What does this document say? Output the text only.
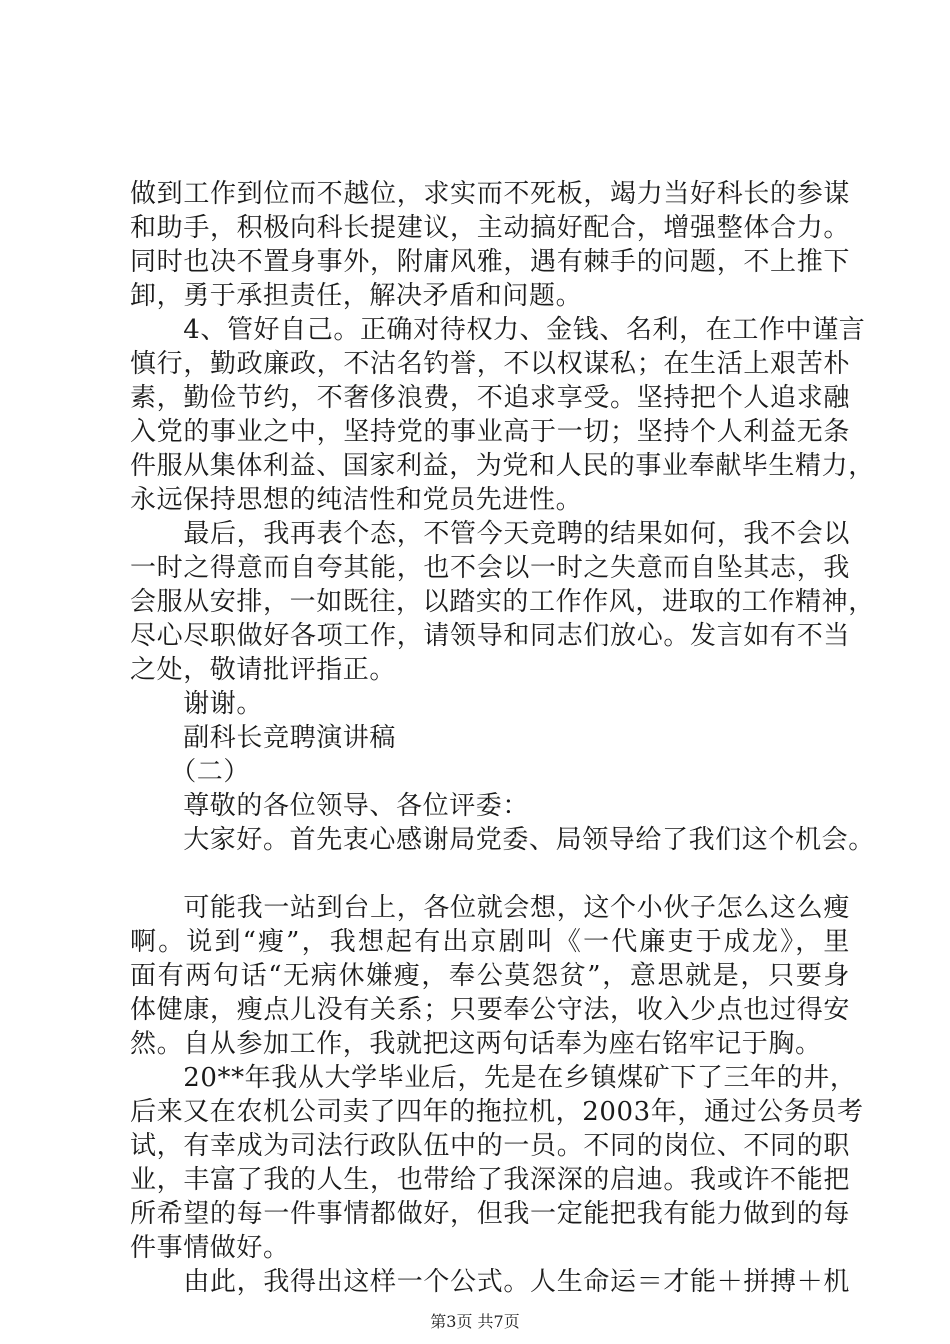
做到工作到位而不越位，求实而不死板，竭力当好科长的参谋
和助手，积极向科长提建议，主动搞好配合，增强整体合力。
同时也决不置身事外，附庸风雅，遇有棘手的问题，不上推下
卸，勇于承担责任，解决矛盾和问题。
　　4、管好自己。正确对待权力、金钱、名利，在工作中谨言
慎行，勤政廉政，不沽名钓誉，不以权谋私；在生活上艰苦朴
素，勤俭节约，不奢侈浪费，不追求享受。坚持把个人追求融
入党的事业之中，坚持党的事业高于一切；坚持个人利益无条
件服从集体利益、国家利益，为党和人民的事业奉献毕生精力，
永远保持思想的纯洁性和党员先进性。
　　最后，我再表个态，不管今天竞聘的结果如何，我不会以
一时之得意而自夸其能，也不会以一时之失意而自坠其志，我
会服从安排，一如既往，以踏实的工作作风，进取的工作精神，
尽心尽职做好各项工作，请领导和同志们放心。发言如有不当
之处，敬请批评指正。
　　谢谢。
　　副科长竞聘演讲稿
　　（二）
　　尊敬的各位领导、各位评委：
　　大家好。首先衷心感谢局党委、局领导给了我们这个机会。
　　可能我一站到台上，各位就会想，这个小伙子怎么这么瘦
啊。说到“瘦”，我想起有出京剧叫《一代廉吏于成龙》，里
面有两句话“无病休嫌瘦，奉公莫怨贫”，意思就是，只要身
体健康，瘦点儿没有关系；只要奉公守法，收入少点也过得安
然。自从参加工作，我就把这两句话奉为座右铭牢记于胸。
　　20**年我从大学毕业后，先是在乡镇煤矿下了三年的井，
后来又在农机公司卖了四年的拖拉机，2003年，通过公务员考
试，有幸成为司法行政队伍中的一员。不同的岗位、不同的职
业，丰富了我的人生，也带给了我深深的启迪。我或许不能把
所希望的每一件事情都做好，但我一定能把我有能力做到的每
件事情做好。
　　由此，我得出这样一个公式。人生命运＝才能＋拼搏＋机
第3页 共7页
